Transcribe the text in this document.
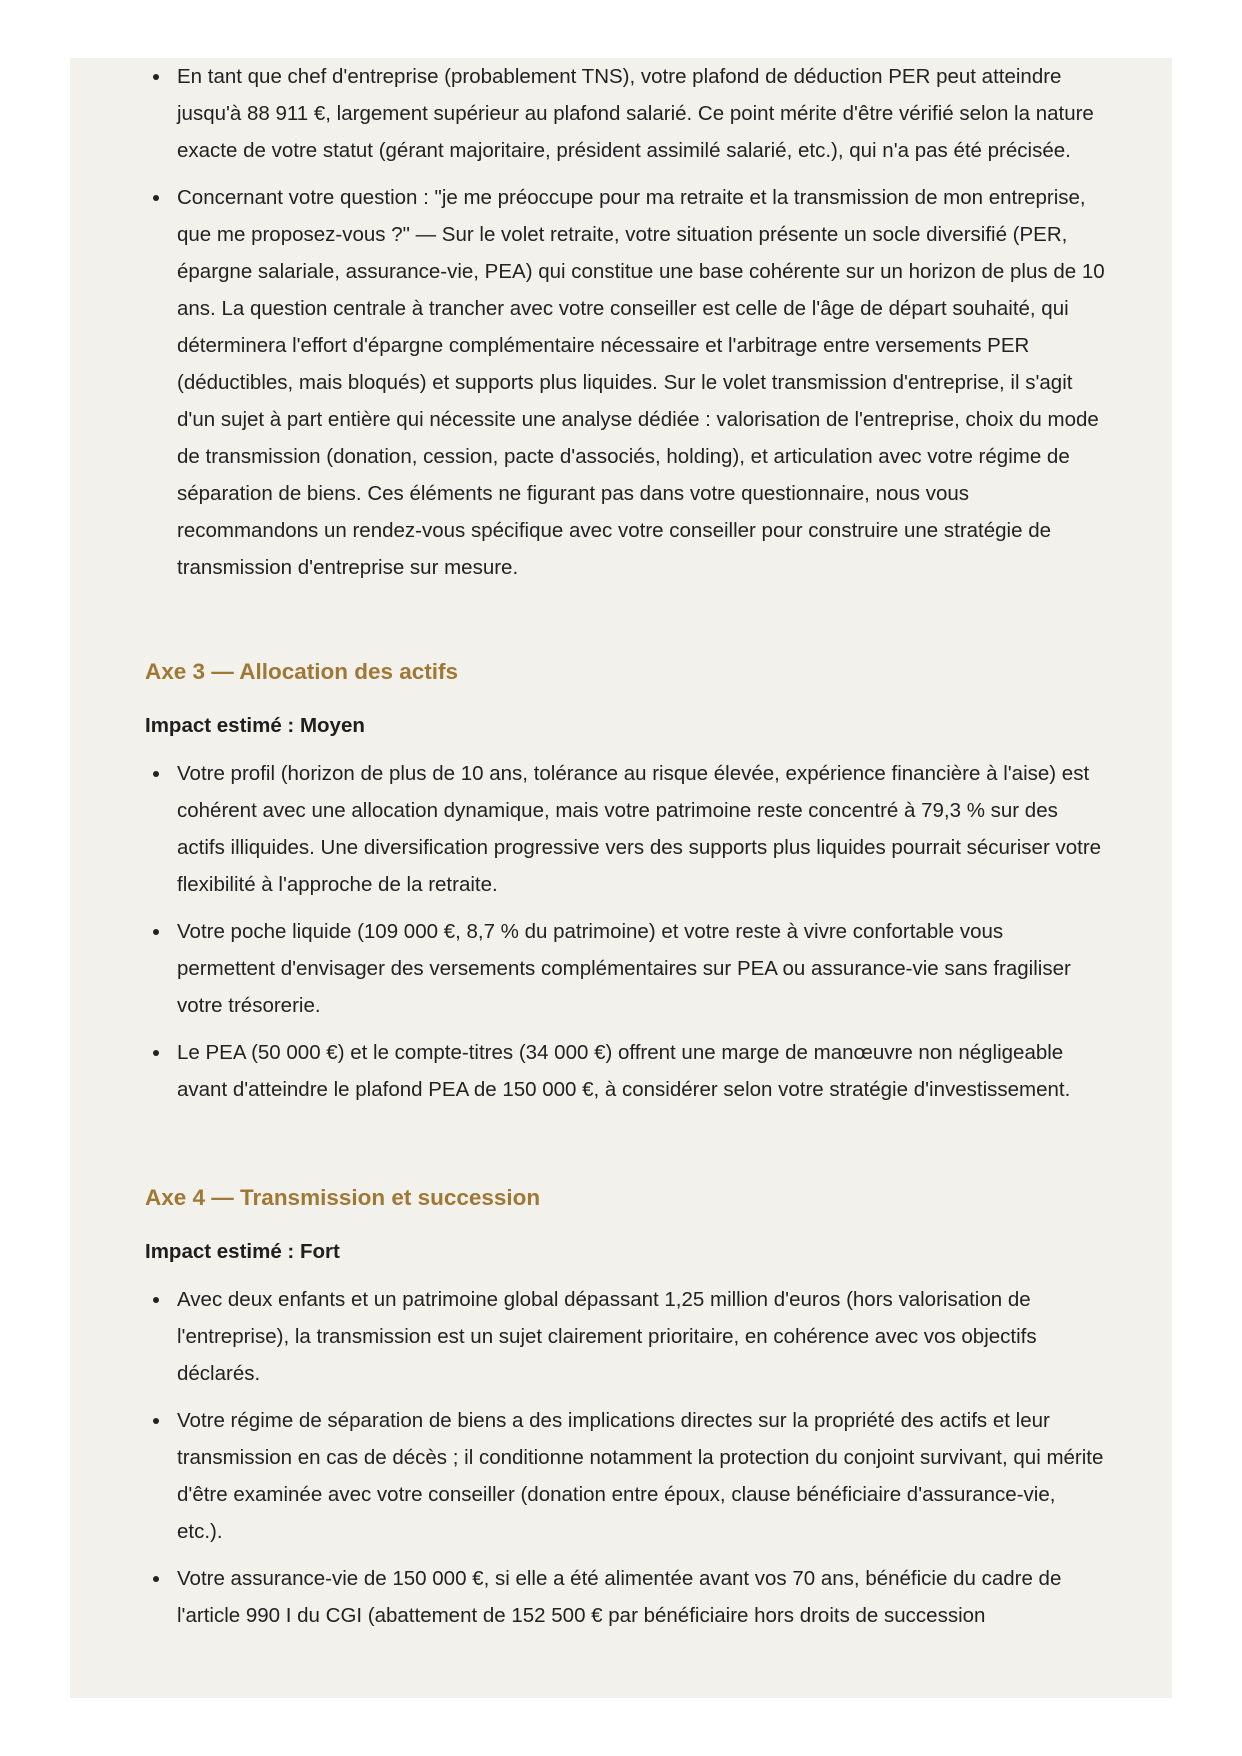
En tant que chef d'entreprise (probablement TNS), votre plafond de déduction PER peut atteindre jusqu'à 88 911 €, largement supérieur au plafond salarié. Ce point mérite d'être vérifié selon la nature exacte de votre statut (gérant majoritaire, président assimilé salarié, etc.), qui n'a pas été précisée.
Concernant votre question : "je me préoccupe pour ma retraite et la transmission de mon entreprise, que me proposez-vous ?" — Sur le volet retraite, votre situation présente un socle diversifié (PER, épargne salariale, assurance-vie, PEA) qui constitue une base cohérente sur un horizon de plus de 10 ans. La question centrale à trancher avec votre conseiller est celle de l'âge de départ souhaité, qui déterminera l'effort d'épargne complémentaire nécessaire et l'arbitrage entre versements PER (déductibles, mais bloqués) et supports plus liquides. Sur le volet transmission d'entreprise, il s'agit d'un sujet à part entière qui nécessite une analyse dédiée : valorisation de l'entreprise, choix du mode de transmission (donation, cession, pacte d'associés, holding), et articulation avec votre régime de séparation de biens. Ces éléments ne figurant pas dans votre questionnaire, nous vous recommandons un rendez-vous spécifique avec votre conseiller pour construire une stratégie de transmission d'entreprise sur mesure.
Axe 3 — Allocation des actifs

Impact estimé : Moyen

Votre profil (horizon de plus de 10 ans, tolérance au risque élevée, expérience financière à l'aise) est cohérent avec une allocation dynamique, mais votre patrimoine reste concentré à 79,3 % sur des actifs illiquides. Une diversification progressive vers des supports plus liquides pourrait sécuriser votre flexibilité à l'approche de la retraite.
Votre poche liquide (109 000 €, 8,7 % du patrimoine) et votre reste à vivre confortable vous permettent d'envisager des versements complémentaires sur PEA ou assurance-vie sans fragiliser votre trésorerie.
Le PEA (50 000 €) et le compte-titres (34 000 €) offrent une marge de manœuvre non négligeable avant d'atteindre le plafond PEA de 150 000 €, à considérer selon votre stratégie d'investissement.
Axe 4 — Transmission et succession

Impact estimé : Fort

Avec deux enfants et un patrimoine global dépassant 1,25 million d'euros (hors valorisation de l'entreprise), la transmission est un sujet clairement prioritaire, en cohérence avec vos objectifs déclarés.
Votre régime de séparation de biens a des implications directes sur la propriété des actifs et leur transmission en cas de décès ; il conditionne notamment la protection du conjoint survivant, qui mérite d'être examinée avec votre conseiller (donation entre époux, clause bénéficiaire d'assurance-vie, etc.).
Votre assurance-vie de 150 000 €, si elle a été alimentée avant vos 70 ans, bénéficie du cadre de l'article 990 I du CGI (abattement de 152 500 € par bénéficiaire hors droits de succession
